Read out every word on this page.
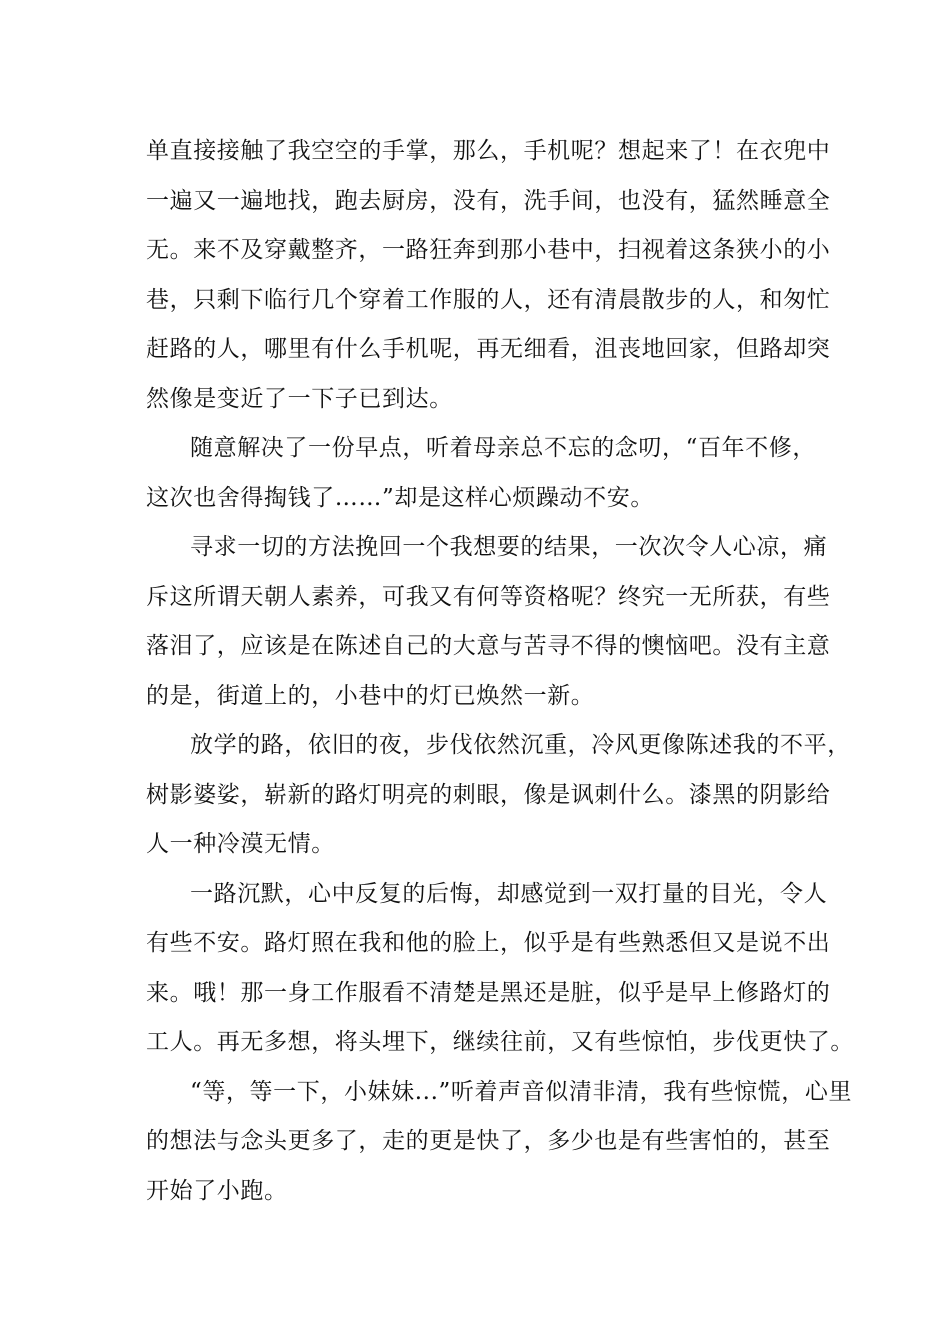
单直接接触了我空空的手掌，那么，手机呢？想起来了！在衣兜中
一遍又一遍地找，跑去厨房，没有，洗手间，也没有，猛然睡意全
无。来不及穿戴整齐，一路狂奔到那小巷中，扫视着这条狭小的小
巷，只剩下临行几个穿着工作服的人，还有清晨散步的人，和匆忙
赶路的人，哪里有什么手机呢，再无细看，沮丧地回家，但路却突
然像是变近了一下子已到达。
随意解决了一份早点，听着母亲总不忘的念叨，“百年不修，
这次也舍得掏钱了……”却是这样心烦躁动不安。
寻求一切的方法挽回一个我想要的结果，一次次令人心凉，痛
斥这所谓天朝人素养，可我又有何等资格呢？终究一无所获，有些
落泪了，应该是在陈述自己的大意与苦寻不得的懊恼吧。没有主意
的是，街道上的，小巷中的灯已焕然一新。
放学的路，依旧的夜，步伐依然沉重，冷风更像陈述我的不平，
树影婆娑，崭新的路灯明亮的刺眼，像是讽刺什么。漆黑的阴影给
人一种冷漠无情。
一路沉默，心中反复的后悔，却感觉到一双打量的目光，令人
有些不安。路灯照在我和他的脸上，似乎是有些熟悉但又是说不出
来。哦！那一身工作服看不清楚是黑还是脏，似乎是早上修路灯的
工人。再无多想，将头埋下，继续往前，又有些惊怕，步伐更快了。
“等，等一下，小妹妹...”听着声音似清非清，我有些惊慌，心里
的想法与念头更多了，走的更是快了，多少也是有些害怕的，甚至
开始了小跑。
